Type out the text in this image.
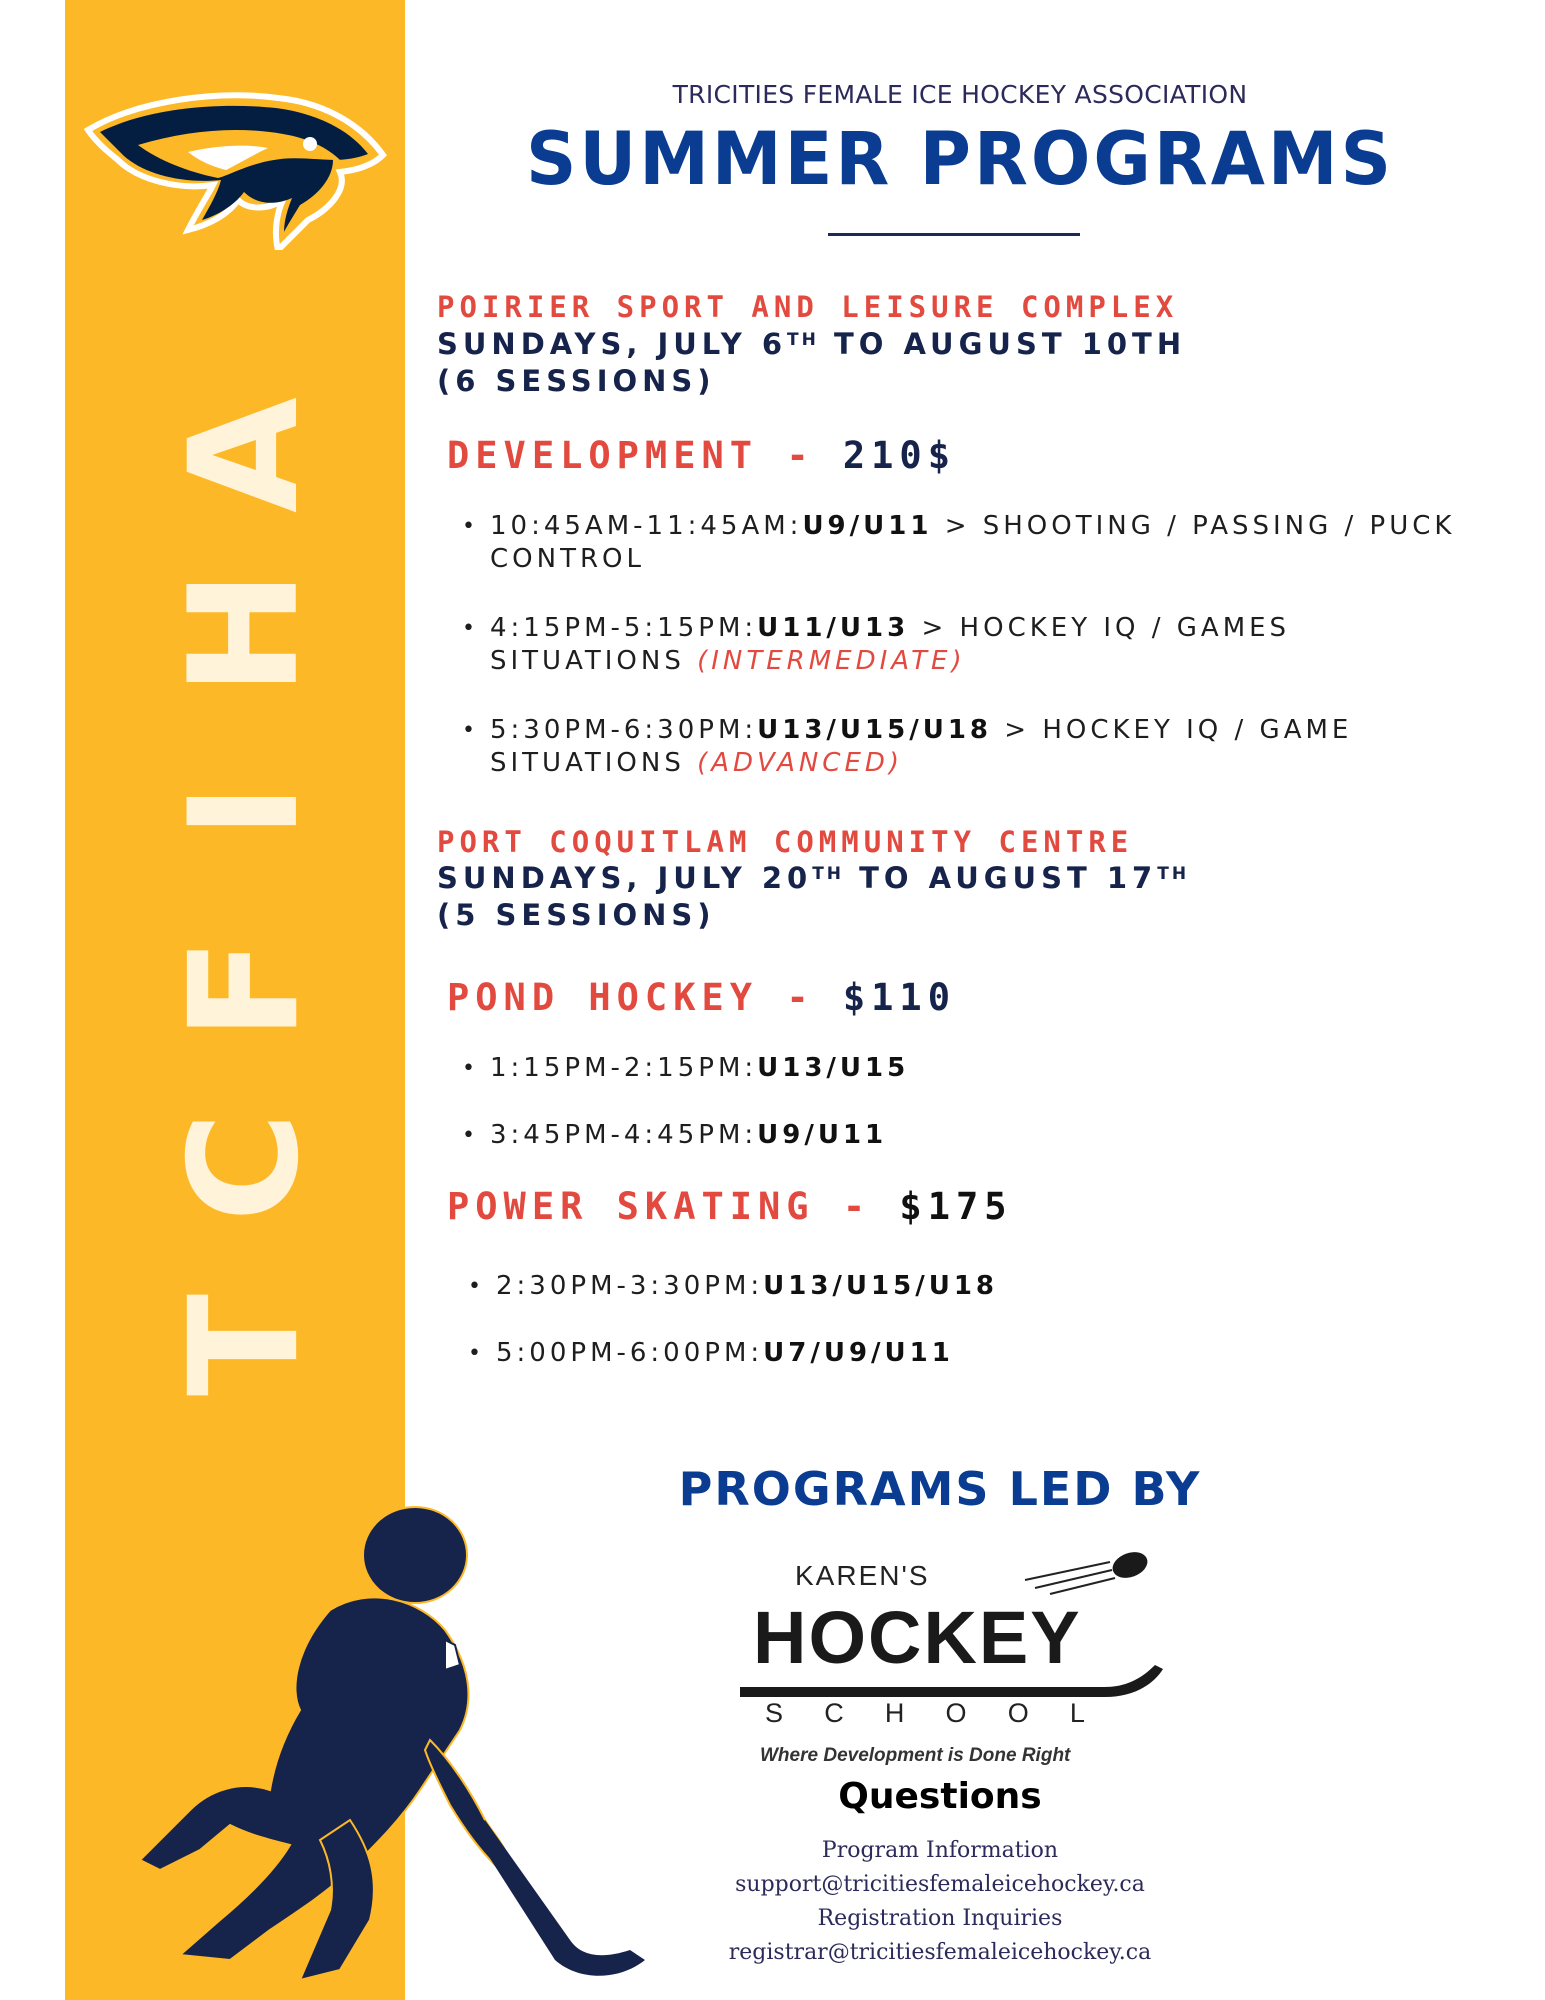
A
H
I
F
C
T
TRICITIES FEMALE ICE HOCKEY ASSOCIATION
SUMMER PROGRAMS
POIRIER SPORT AND LEISURE COMPLEX
SUNDAYS, JULY 6TH TO AUGUST 10TH
(6 SESSIONS)
DEVELOPMENT - 210$
• 10:45AM-11:45AM:U9/U11 > SHOOTING / PASSING / PUCK CONTROL
• 4:15PM-5:15PM:U11/U13 > HOCKEY IQ / GAMES SITUATIONS (INTERMEDIATE)
• 5:30PM-6:30PM:U13/U15/U18 > HOCKEY IQ / GAME SITUATIONS (ADVANCED)
PORT COQUITLAM COMMUNITY CENTRE
SUNDAYS, JULY 20TH TO AUGUST 17TH
(5 SESSIONS)
POND HOCKEY - $110
• 1:15PM-2:15PM:U13/U15
• 3:45PM-4:45PM:U9/U11
POWER SKATING - $175
• 2:30PM-3:30PM:U13/U15/U18
• 5:00PM-6:00PM:U7/U9/U11
PROGRAMS LED BY
KAREN'S
HOCKEY
S C H O O L
Where Development is Done Right
Questions
Program Information
support@tricitiesfemaleicehockey.ca
Registration Inquiries
registrar@tricitiesfemaleicehockey.ca
